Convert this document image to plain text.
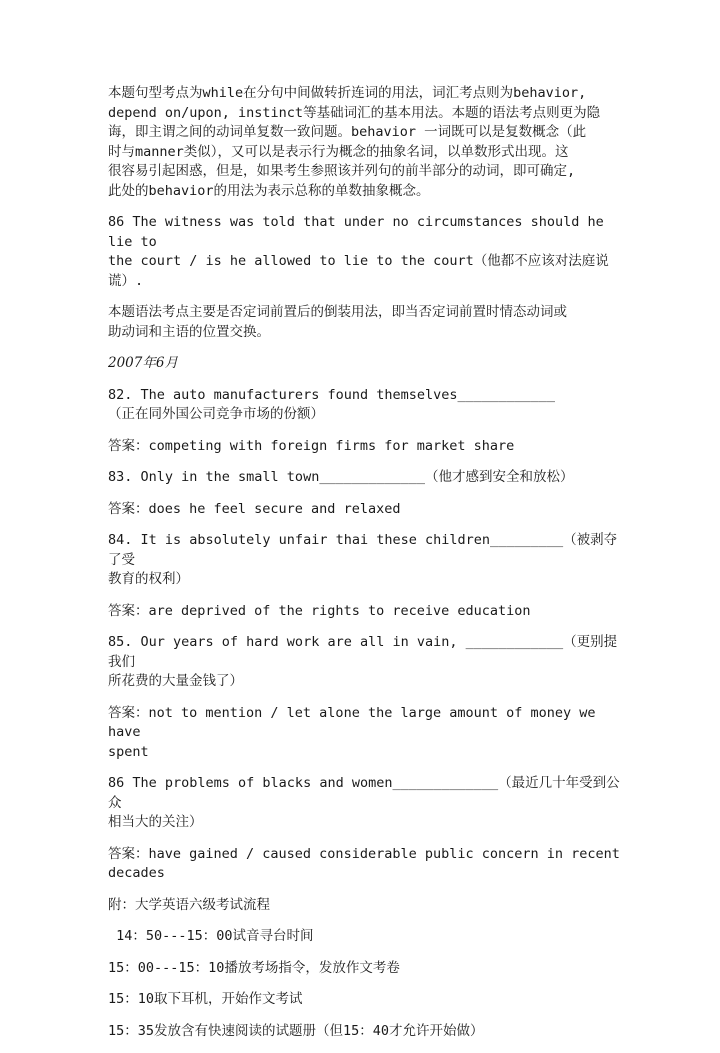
本题句型考点为while在分句中间做转折连词的用法，词汇考点则为behavior,
depend on/upon, instinct等基础词汇的基本用法。本题的语法考点则更为隐
诲，即主谓之间的动词单复数一致问题。behavior 一词既可以是复数概念（此
时与manner类似），又可以是表示行为概念的抽象名词，以单数形式出现。这
很容易引起困惑，但是，如果考生参照该并列句的前半部分的动词，即可确定,
此处的behavior的用法为表示总称的单数抽象概念。

86 The witness was told that under no circumstances should he lie to
the court / is he allowed to lie to the court（他都不应该对法庭说谎）.

本题语法考点主要是否定词前置后的倒装用法，即当否定词前置时情态动词或
助动词和主语的位置交换。

2007年6月

82. The auto manufacturers found themselves____________
（正在同外国公司竞争市场的份额）

答案：competing with foreign firms for market share

83. Only in the small town_____________（他才感到安全和放松）

答案：does he feel secure and relaxed

84. It is absolutely unfair thai these children_________（被剥夺了受
教育的权利）

答案：are deprived of the rights to receive education

85. Our years of hard work are all in vain, ____________（更别提我们
所花费的大量金钱了）

答案：not to mention / let alone the large amount of money we have
spent

86 The problems of blacks and women_____________（最近几十年受到公众
相当大的关注）

答案：have gained / caused considerable public concern in recent
decades

附：大学英语六级考试流程

14：50---15：00试音寻台时间

15：00---15：10播放考场指令，发放作文考卷

15：10取下耳机，开始作文考试

15：35发放含有快速阅读的试题册（但15：40才允许开始做）
